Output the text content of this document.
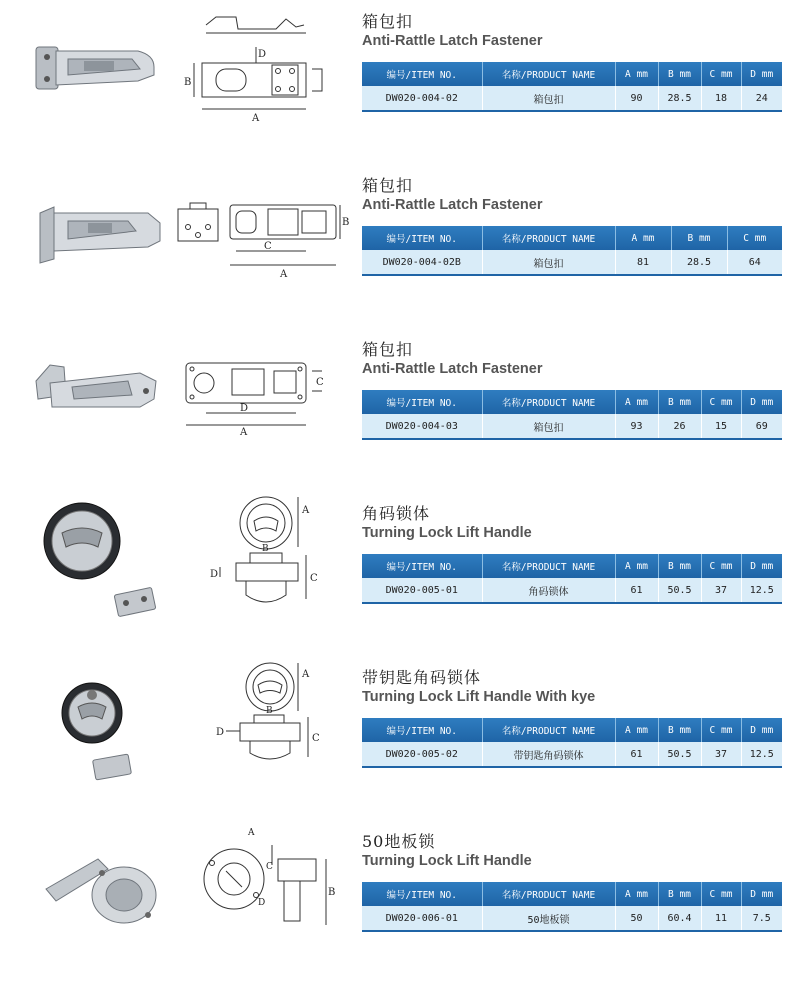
B
D
A
箱包扣
Anti-Rattle Latch Fastener
编号/ITEM NO.	名称/PRODUCT NAME	A mm	B mm	C mm	D mm
DW020-004-02	箱包扣	90	28.5	18	24
B
C
A
箱包扣
Anti-Rattle Latch Fastener
编号/ITEM NO.	名称/PRODUCT NAME	A mm	B mm	C mm
DW020-004-02B	箱包扣	81	28.5	64
C
D
A
箱包扣
Anti-Rattle Latch Fastener
编号/ITEM NO.	名称/PRODUCT NAME	A mm	B mm	C mm	D mm
DW020-004-03	箱包扣	93	26	15	69
A
B
C
D
角码锁体
Turning Lock Lift Handle
编号/ITEM NO.	名称/PRODUCT NAME	A mm	B mm	C mm	D mm
DW020-005-01	角码锁体	61	50.5	37	12.5
A
B
C
D
带钥匙角码锁体
Turning Lock Lift Handle With kye
编号/ITEM NO.	名称/PRODUCT NAME	A mm	B mm	C mm	D mm
DW020-005-02	带钥匙角码锁体	61	50.5	37	12.5
A
C
B
D
50地板锁
Turning Lock Lift Handle
编号/ITEM NO.	名称/PRODUCT NAME	A mm	B mm	C mm	D mm
DW020-006-01	50地板锁	50	60.4	11	7.5
